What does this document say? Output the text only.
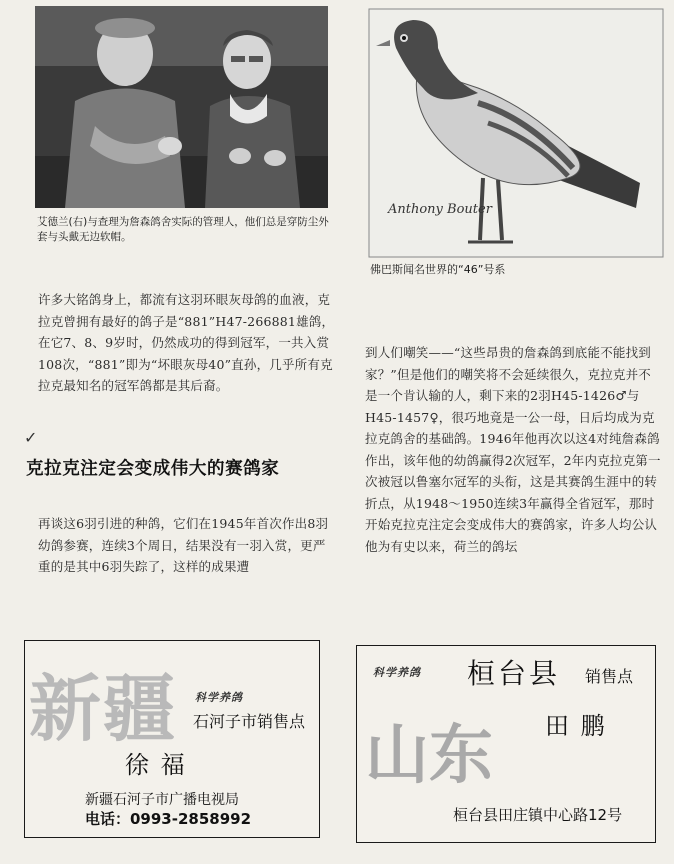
艾德兰(右)与查理为詹森鸽舍实际的管理人，他们总是穿防尘外套与头戴无边软帽。
Anthony Bouter
佛巴斯闻名世界的“46”号系

许多大铭鸽身上，都流有这羽环眼灰母鸽的血液，克拉克曾拥有最好的鸽子是“881”H47-266881雄鸽，在它7、8、9岁时，仍然成功的得到冠军，一共入赏108次，“881”即为“坏眼灰母40”直孙，几乎所有克拉克最知名的冠军鸽都是其后裔。

✓
克拉克注定会变成伟大的赛鸽家

再谈这6羽引进的种鸽，它们在1945年首次作出8羽幼鸽参赛，连续3个周日，结果没有一羽入赏，更严重的是其中6羽失踪了，这样的成果遭

到人们嘲笑——“这些昂贵的詹森鸽到底能不能找到家？”但是他们的嘲笑将不会延续很久，克拉克并不是一个肯认输的人，剩下来的2羽H45-1426♂与H45-1457♀，很巧地竟是一公一母，日后均成为克拉克鸽舍的基础鸽。1946年他再次以这4对纯詹森鸽作出，该年他的幼鸽赢得2次冠军，2年内克拉克第一次被冠以鲁塞尔冠军的头衔，这是其赛鸽生涯中的转折点，从1948～1950连续3年赢得全省冠军，那时开始克拉克注定会变成伟大的赛鸽家，许多人均公认他为有史以来，荷兰的鸽坛

新疆 科学养鸽
石河子市销售点
徐 福
新疆石河子市广播电视局
电话：0993-2858992
科学养鸽 桓台县 销售点
田 鹏
山东
桓台县田庄镇中心路12号
